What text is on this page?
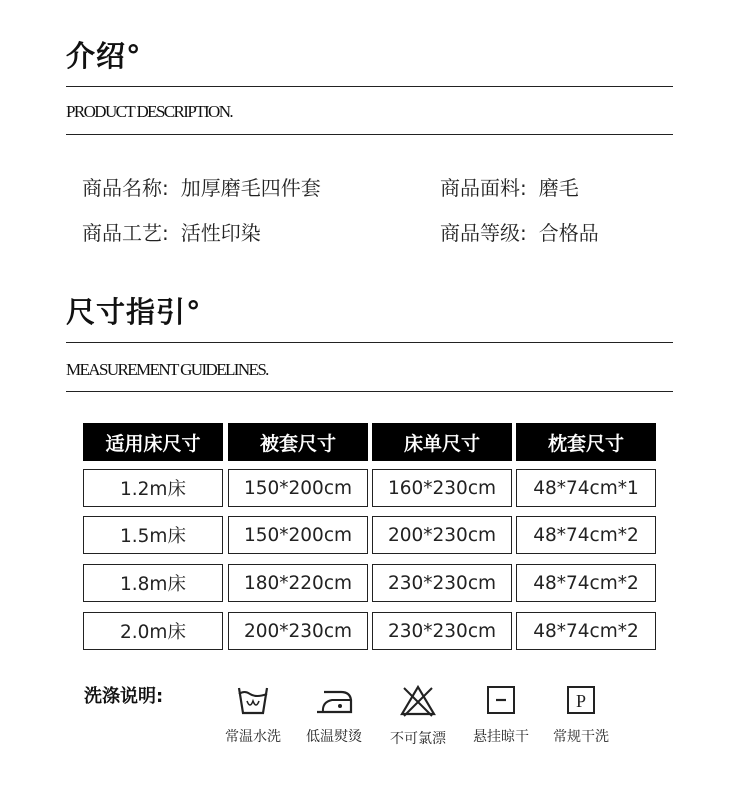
介绍°
PRODUCT DESCRIPTION.
商品名称: 加厚磨毛四件套	商品面料: 磨毛
商品工艺: 活性印染	商品等级: 合格品
尺寸指引°
MEASUREMENT GUIDELINES.
适用床尺寸	被套尺寸	床单尺寸	枕套尺寸
1.2m床	150*200cm	160*230cm	48*74cm*1
1.5m床	150*200cm	200*230cm	48*74cm*2
1.8m床	180*220cm	230*230cm	48*74cm*2
2.0m床	200*230cm	230*230cm	48*74cm*2
洗涤说明:
常温水洗	低温熨烫	不可氯漂	悬挂晾干
P
常规干洗
